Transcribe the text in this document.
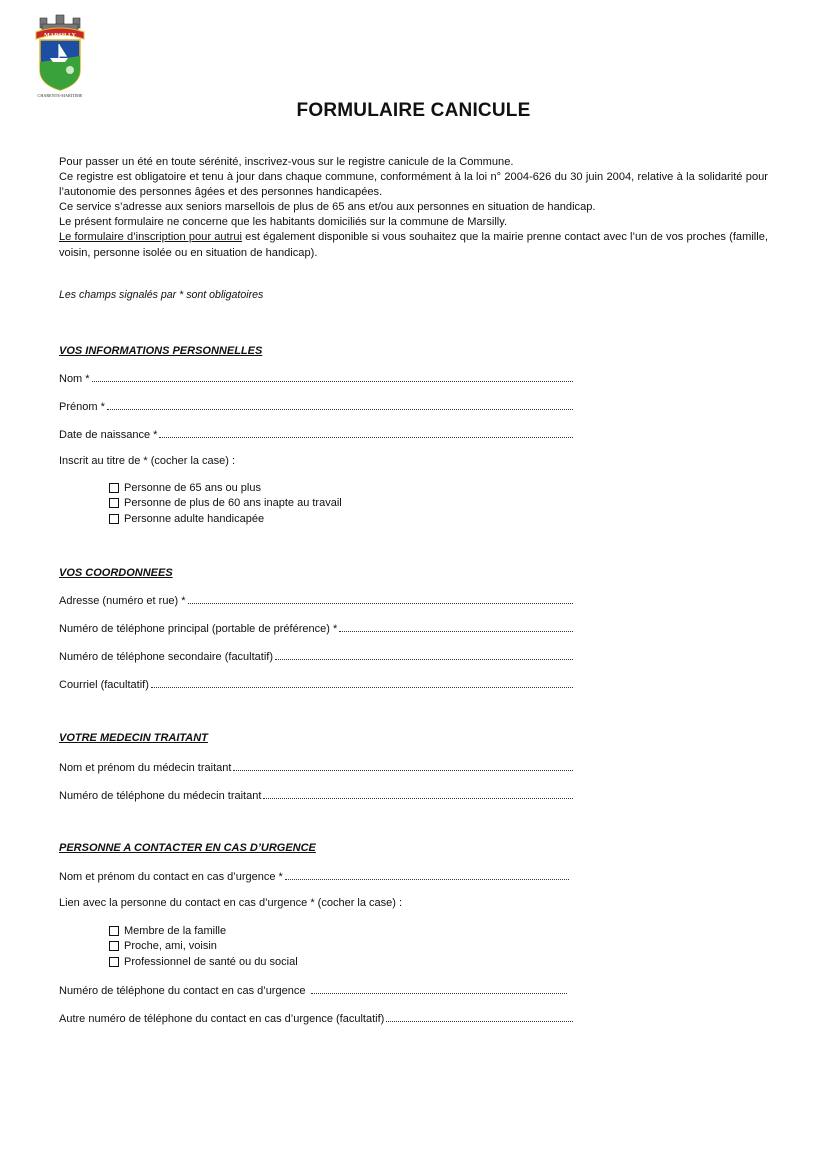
MARSILLY
CHARENTE-MARITIME
FORMULAIRE CANICULE

Pour passer un été en toute sérénité, inscrivez-vous sur le registre canicule de la Commune.

Ce registre est obligatoire et tenu à jour dans chaque commune, conformément à la loi n° 2004-626 du 30 juin 2004, relative à la solidarité pour l’autonomie des personnes âgées et des personnes handicapées.

Ce service s’adresse aux seniors marsellois de plus de 65 ans et/ou aux personnes en situation de handicap.

Le présent formulaire ne concerne que les habitants domiciliés sur la commune de Marsilly.

Le formulaire d’inscription pour autrui est également disponible si vous souhaitez que la mairie prenne contact avec l’un de vos proches (famille, voisin, personne isolée ou en situation de handicap).

Les champs signalés par * sont obligatoires
VOS INFORMATIONS PERSONNELLES
Nom *
Prénom *
Date de naissance *
Inscrit au titre de * (cocher la case) :
Personne de 65 ans ou plus
Personne de plus de 60 ans inapte au travail
Personne adulte handicapée
VOS COORDONNEES
Adresse (numéro et rue) *
Numéro de téléphone principal (portable de préférence) *
Numéro de téléphone secondaire (facultatif)
Courriel (facultatif)
VOTRE MEDECIN TRAITANT
Nom et prénom du médecin traitant
Numéro de téléphone du médecin traitant
PERSONNE A CONTACTER EN CAS D’URGENCE
Nom et prénom du contact en cas d’urgence *
Lien avec la personne du contact en cas d’urgence * (cocher la case) :
Membre de la famille
Proche, ami, voisin
Professionnel de santé ou du social
Numéro de téléphone du contact en cas d’urgence
Autre numéro de téléphone du contact en cas d’urgence (facultatif)
